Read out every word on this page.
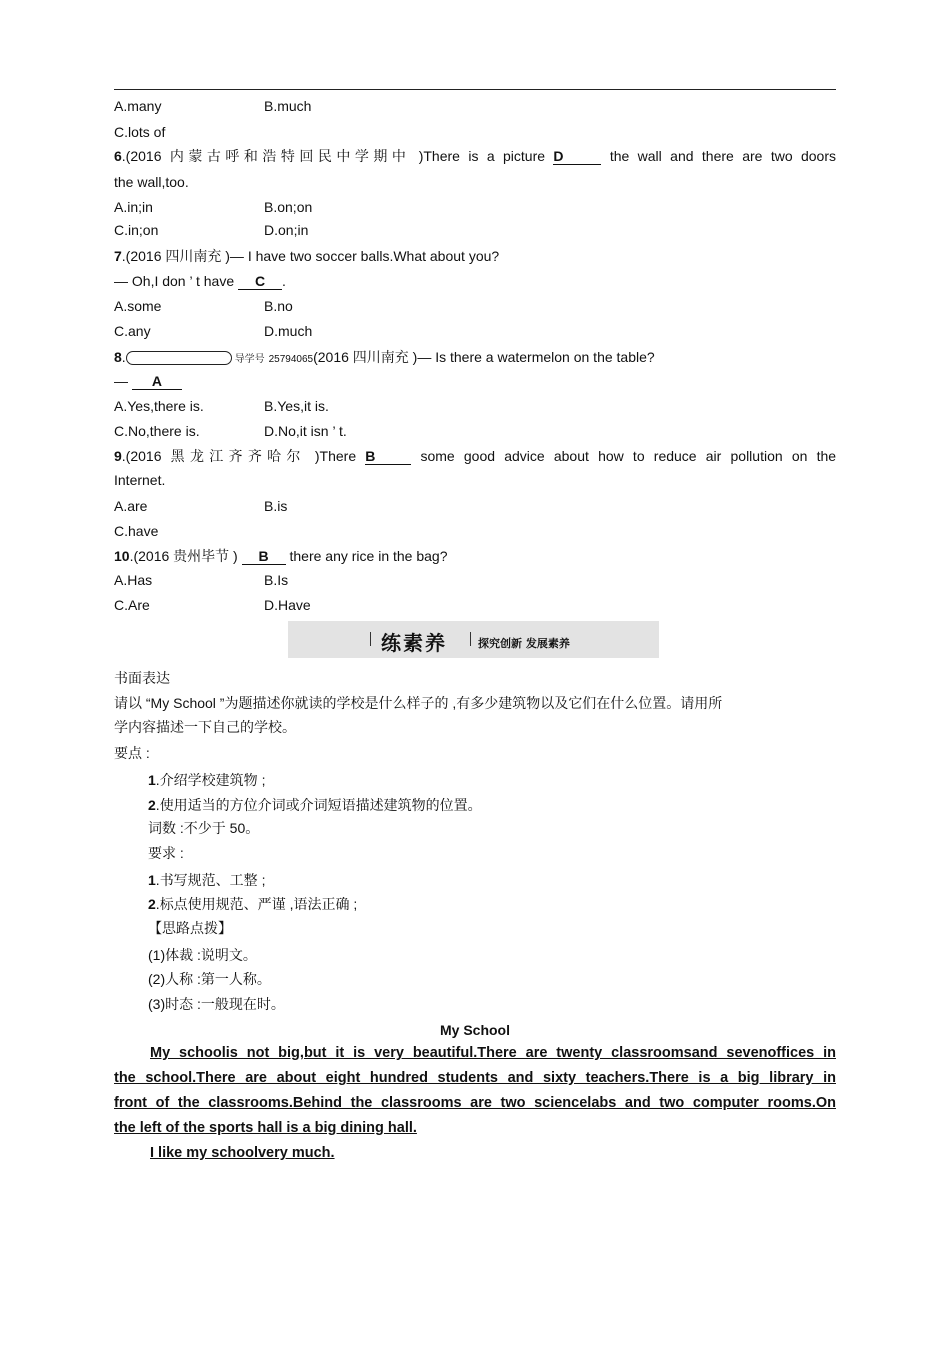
A.many	B.much
C.lots of
6.(2016 内蒙古呼和浩特回民中学期中 )There is a picture D	the wall and there are two doors
the wall,too.
A.in;in	B.on;on
C.in;on	D.on;in
7.(2016 四川南充 )— I have two soccer balls.What about you?
— Oh,I don ’ t have C .
A.some	B.no
C.any	D.much
8.	导学号 25794065(2016 四川南充 )— Is there a watermelon on the table?
— A
A.Yes,there is.	B.Yes,it is.
C.No,there is.	D.No,it isn ’ t.
9.(2016 黑龙江齐齐哈尔 )There B	some good advice about how to reduce air pollution on the
Internet.
A.are	B.is
C.have
10.(2016 贵州毕节 ) B there any rice in the bag?
A.Has	B.Is
C.Are	D.Have
练素养	探究创新 发展素养
书面表达
请以 “My School ”为题描述你就读的学校是什么样子的 ,有多少建筑物以及它们在什么位置。请用所
学内容描述一下自己的学校。
要点 :
1.介绍学校建筑物 ;
2.使用适当的方位介词或介词短语描述建筑物的位置。
词数 :不少于 50。
要求 :
1.书写规范、工整 ;
2.标点使用规范、严谨 ,语法正确 ;
【思路点拨】
(1)体裁 :说明文。
(2)人称 :第一人称。
(3)时态 :一般现在时。
My School
My schoolis not big,but it is very beautiful.There are twenty classroomsand sevenoffices in
the school.There are about eight hundred students and sixty teachers.There is a big library in
front of the classrooms.Behind the classrooms are two sciencelabs and two computer rooms.On
the left of the sports hall is a big dining hall.
I like my schoolvery much.
